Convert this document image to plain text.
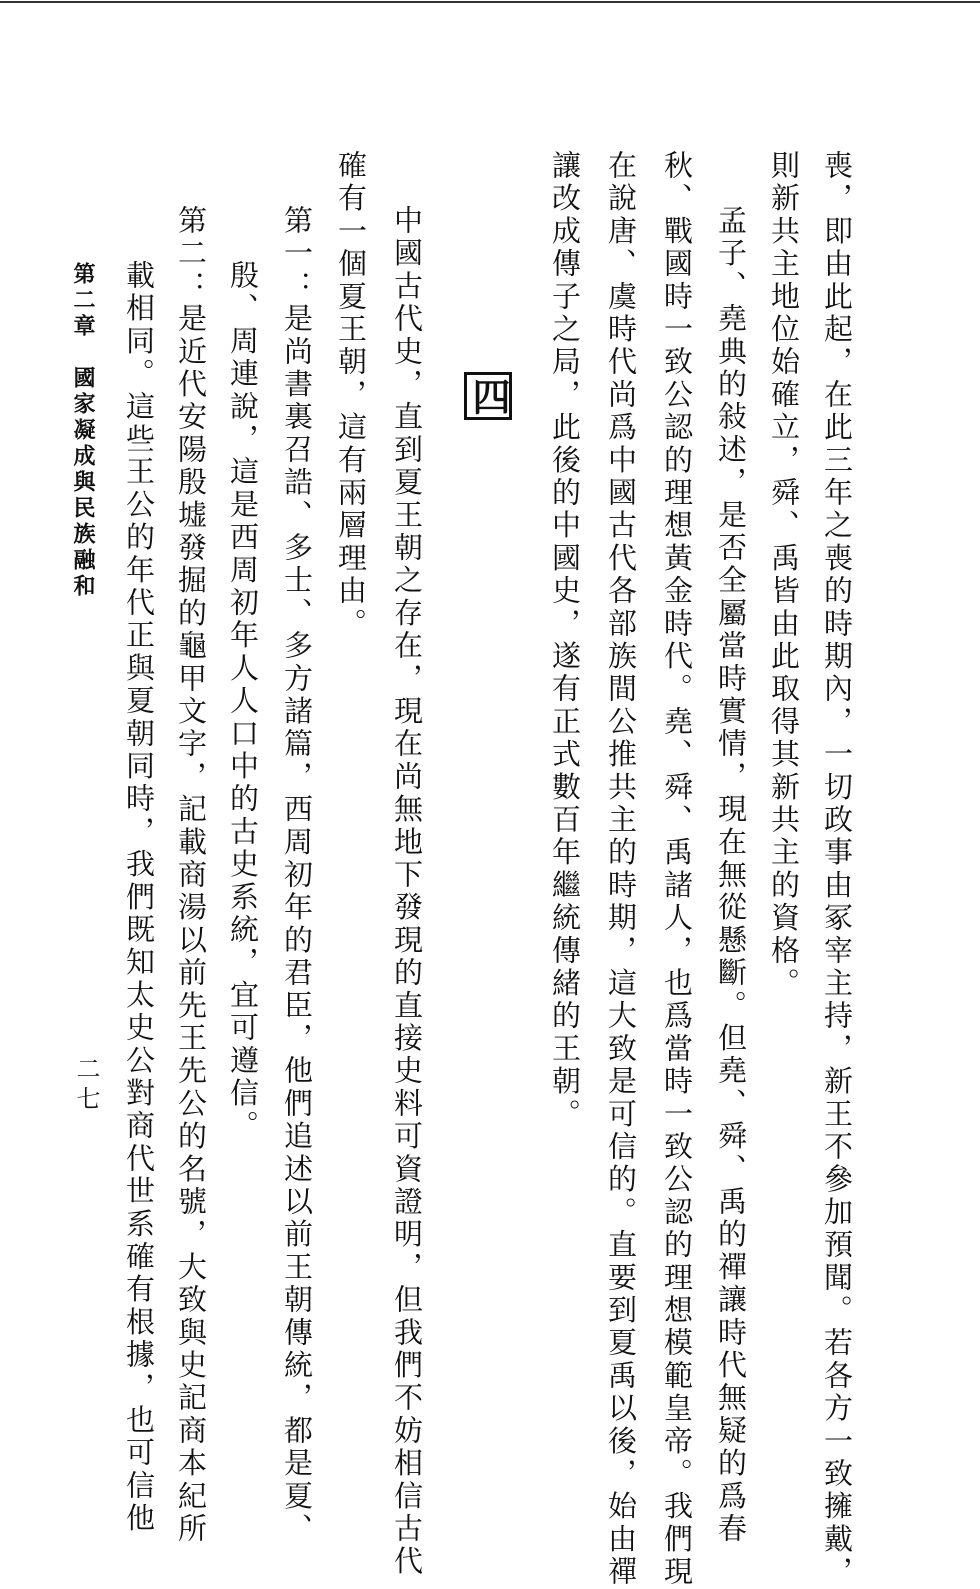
喪，即由此起，在此三年之喪的時期內，一切政事由冢宰主持，新王不參加預聞。若各方一致擁戴，
則新共主地位始確立，舜、禹皆由此取得其新共主的資格。
孟子、堯典的敍述，是否全屬當時實情，現在無從懸斷。但堯、舜、禹的禪讓時代無疑的爲春
秋、戰國時一致公認的理想黃金時代。堯、舜、禹諸人，也爲當時一致公認的理想模範皇帝。我們現
在說唐、虞時代尚爲中國古代各部族間公推共主的時期，這大致是可信的。直要到夏禹以後，始由禪
讓改成傳子之局，此後的中國史，遂有正式數百年繼統傳緒的王朝。
四
中國古代史，直到夏王朝之存在，現在尚無地下發現的直接史料可資證明，但我們不妨相信古代
確有一個夏王朝，這有兩層理由。
第一：是尚書裏召誥、多士、多方諸篇，西周初年的君臣，他們追述以前王朝傳統，都是夏、
殷、周連說，這是西周初年人人口中的古史系統，宜可遵信。
第二：是近代安陽殷墟發掘的龜甲文字，記載商湯以前先王先公的名號，大致與史記商本紀所
載相同。這些王公的年代正與夏朝同時，我們既知太史公對商代世系確有根據，也可信他
第二章　國家凝成與民族融和
二七
